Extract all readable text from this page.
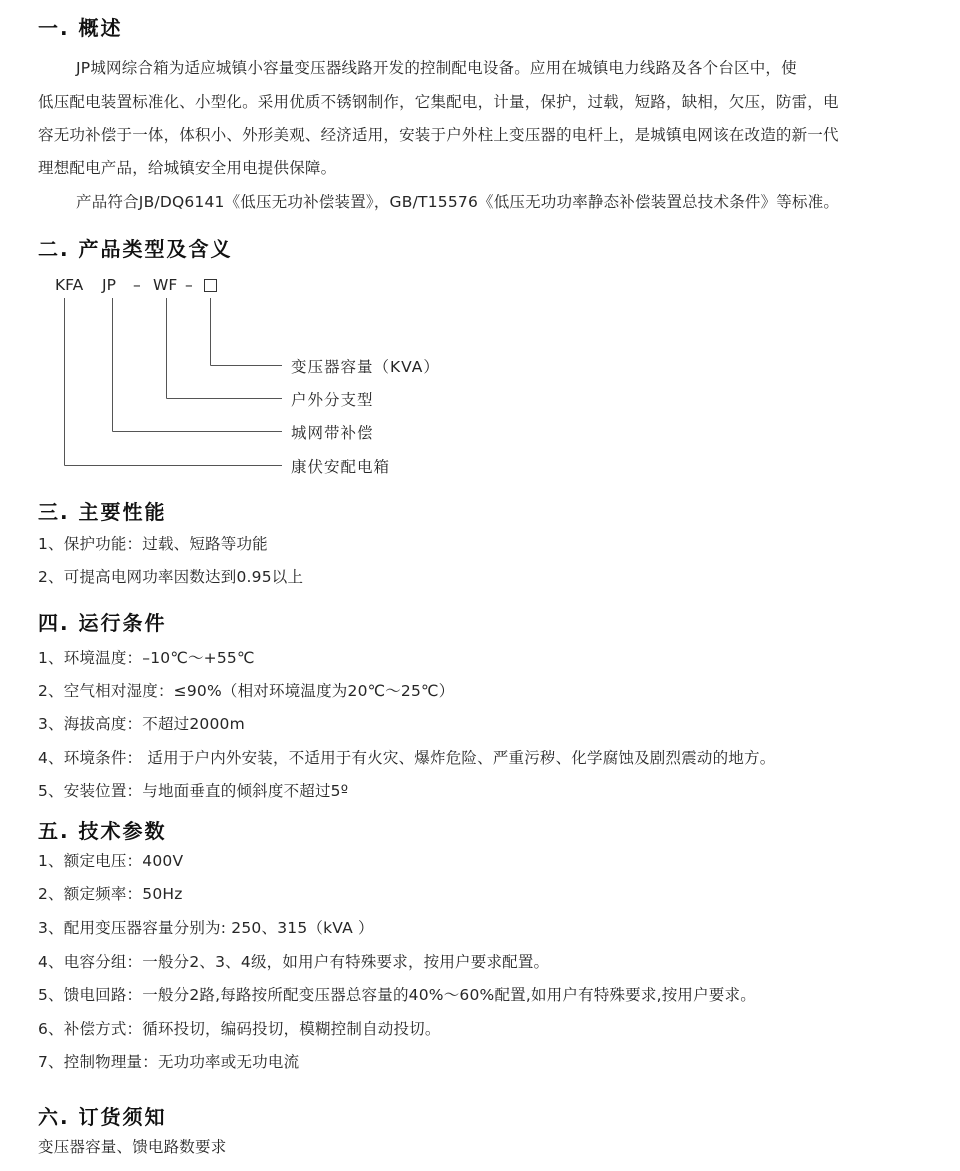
一. 概述

JP城网综合箱为适应城镇小容量变压器线路开发的控制配电设备。应用在城镇电力线路及各个台区中，使

低压配电装置标准化、小型化。采用优质不锈钢制作，它集配电，计量，保护，过载，短路，缺相，欠压，防雷，电

容无功补偿于一体，体积小、外形美观、经济适用，安装于户外柱上变压器的电杆上，是城镇电网该在改造的新一代

理想配电产品，给城镇安全用电提供保障。

产品符合JB/DQ6141《低压无功补偿装置》，GB/T15576《低压无功功率静态补偿装置总技术条件》等标准。

二. 产品类型及含义
KFA JP – WF –
变压器容量（KVA）
户外分支型
城网带补偿
康伏安配电箱
三. 主要性能

1、保护功能：过载、短路等功能

2、可提高电网功率因数达到0.95以上

四. 运行条件

1、环境温度：–10℃～+55℃

2、空气相对湿度：≤90%（相对环境温度为20℃～25℃）

3、海拔高度：不超过2000m

4、环境条件： 适用于户内外安装，不适用于有火灾、爆炸危险、严重污秽、化学腐蚀及剧烈震动的地方。

5、安装位置：与地面垂直的倾斜度不超过5º

五. 技术参数

1、额定电压：400V

2、额定频率：50Hz

3、配用变压器容量分别为: 250、315（kVA ）

4、电容分组：一般分2、3、4级，如用户有特殊要求，按用户要求配置。

5、馈电回路：一般分2路,每路按所配变压器总容量的40%～60%配置,如用户有特殊要求,按用户要求。

6、补偿方式：循环投切，编码投切，模糊控制自动投切。

7、控制物理量：无功功率或无功电流

六. 订货须知

变压器容量、馈电路数要求
